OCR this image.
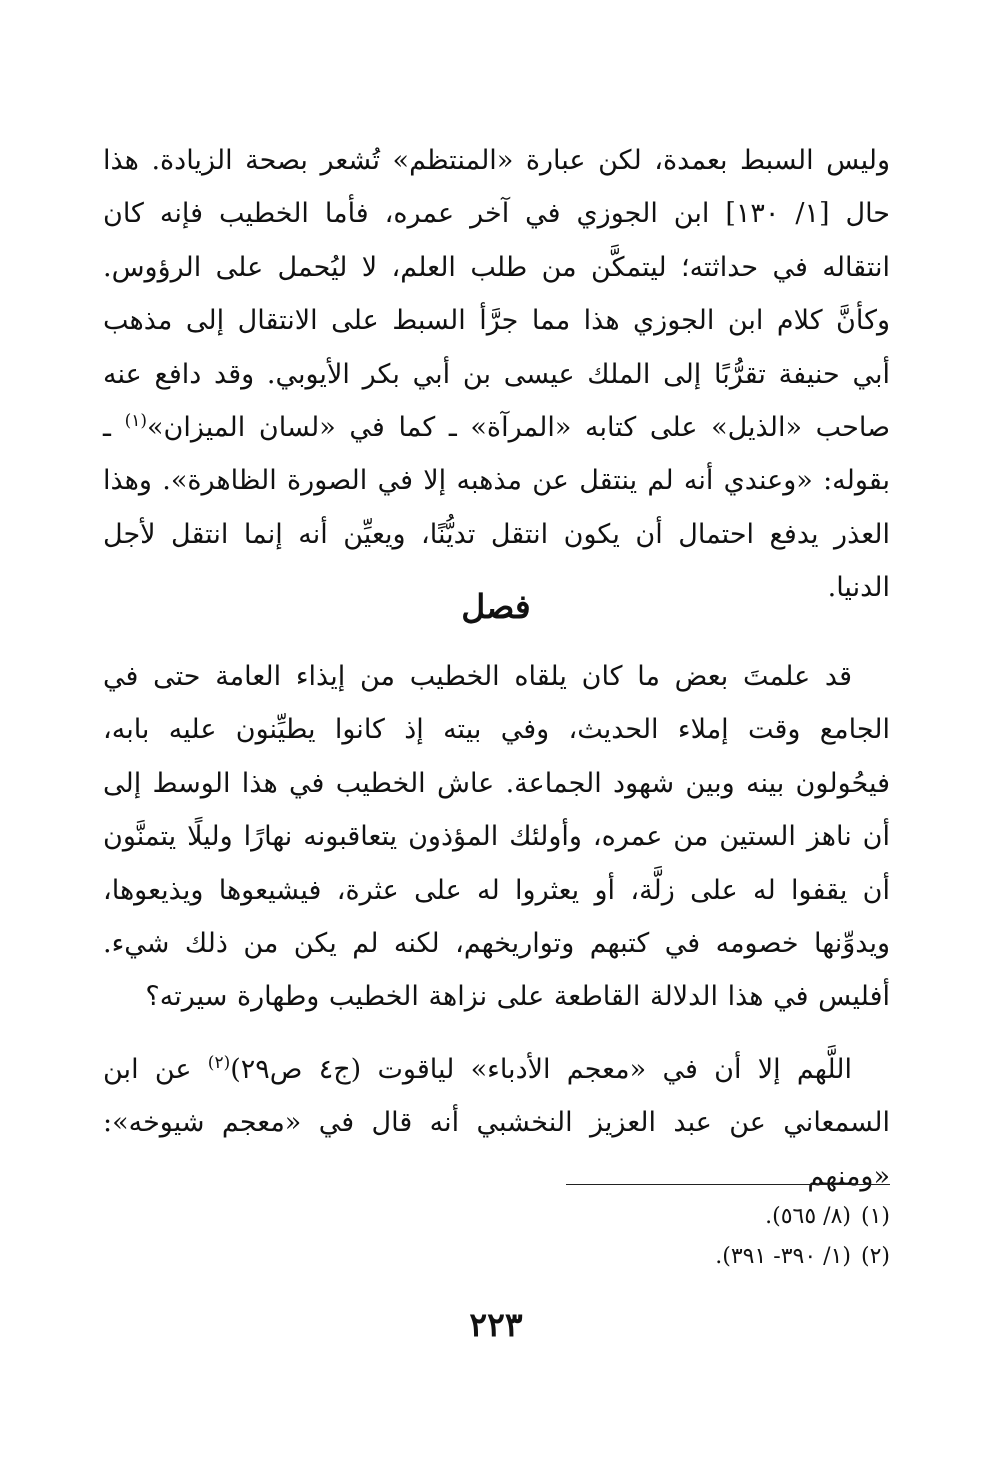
وليس السبط بعمدة، لكن عبارة «المنتظم» تُشعر بصحة الزيادة. هذا حال [١/ ١٣٠] ابن الجوزي في آخر عمره، فأما الخطيب فإنه كان انتقاله في حداثته؛ ليتمكَّن من طلب العلم، لا ليُحمل على الرؤوس. وكأنَّ كلام ابن الجوزي هذا مما جرَّأ السبط على الانتقال إلى مذهب أبي حنيفة تقرُّبًا إلى الملك عيسى بن أبي بكر الأيوبي. وقد دافع عنه صاحب «الذيل» على كتابه «المرآة» ـ كما في «لسان الميزان»$^{(١)}$ ـ بقوله: «وعندي أنه لم ينتقل عن مذهبه إلا في الصورة الظاهرة». وهذا العذر يدفع احتمال أن يكون انتقل تديُّنًا، ويعيِّن أنه إنما انتقل لأجل الدنيا.

فصل

قد علمتَ بعض ما كان يلقاه الخطيب من إيذاء العامة حتى في الجامع وقت إملاء الحديث، وفي بيته إذ كانوا يطيِّنون عليه بابه، فيحُولون بينه وبين شهود الجماعة. عاش الخطيب في هذا الوسط إلى أن ناهز الستين من عمره، وأولئك المؤذون يتعاقبونه نهارًا وليلًا يتمنَّون أن يقفوا له على زلَّة، أو يعثروا له على عثرة، فيشيعوها ويذيعوها، ويدوِّنها خصومه في كتبهم وتواريخهم، لكنه لم يكن من ذلك شيء. أفليس في هذا الدلالة القاطعة على نزاهة الخطيب وطهارة سيرته؟

اللَّهم إلا أن في «معجم الأدباء» لياقوت (ج٤ ص٢٩)$^{(٢)}$ عن ابن السمعاني عن عبد العزيز النخشبي أنه قال في «معجم شيوخه»: «ومنهم

(١)(٨/ ٥٦٥).

(٢)(١/ ٣٩٠- ٣٩١).

٢٢٣
